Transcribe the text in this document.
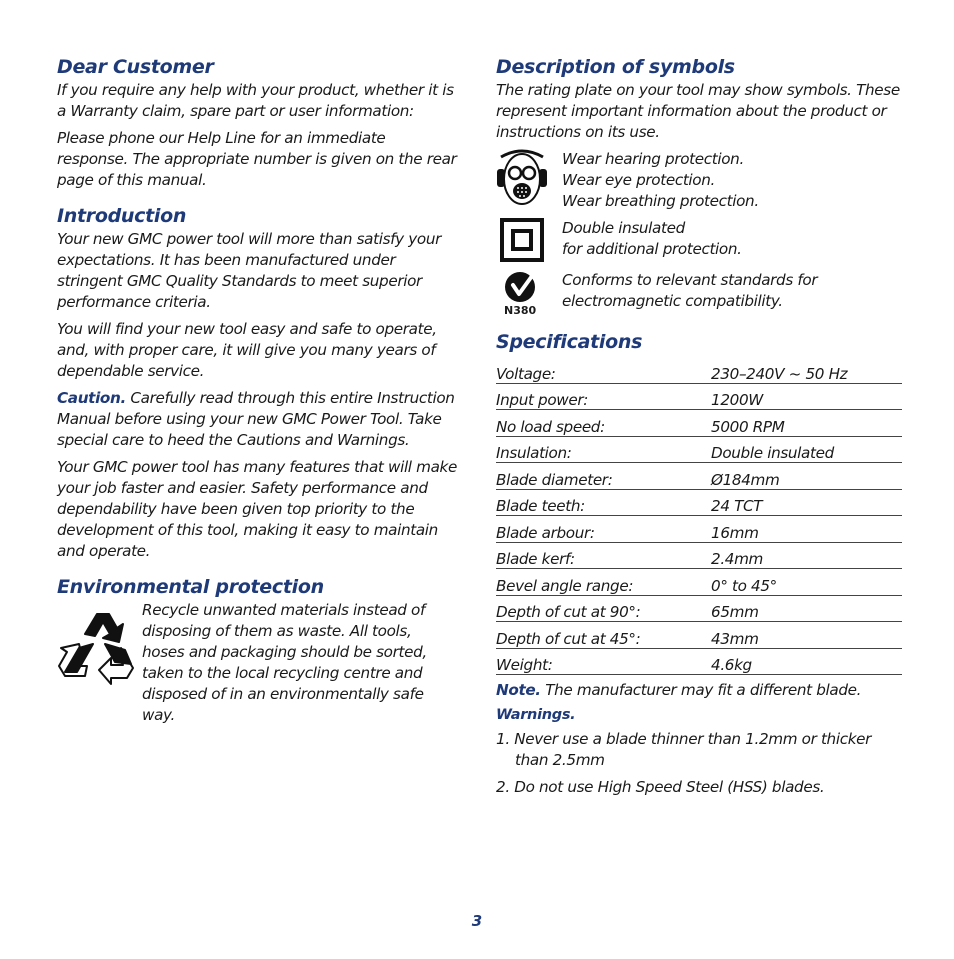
Dear Customer

If you require any help with your product, whether it is a Warranty claim, spare part or user information:

Please phone our Help Line for an immediate response. The appropriate number is given on the rear page of this manual.

Introduction

Your new GMC power tool will more than satisfy your expectations. It has been manufactured under stringent GMC Quality Standards to meet superior performance criteria.

You will find your new tool easy and safe to operate, and, with proper care, it will give you many years of dependable service.

Caution. Carefully read through this entire Instruction Manual before using your new GMC Power Tool. Take special care to heed the Cautions and Warnings.

Your GMC power tool has many features that will make your job faster and easier. Safety performance and dependability have been given top priority to the development of this tool, making it easy to maintain and operate.

Environmental protection

Recycle unwanted materials instead of disposing of them as waste. All tools, hoses and packaging should be sorted, taken to the local recycling centre and disposed of in an environmentally safe way.

Description of symbols

The rating plate on your tool may show symbols. These represent important information about the product or instructions on its use.

Wear hearing protection.

Wear eye protection.

Wear breathing protection.

Double insulated

for additional protection.

N380

Conforms to relevant standards for

electromagnetic compatibility.

Specifications
Voltage:	230–240V ~ 50 Hz
Input power:	1200W
No load speed:	5000 RPM
Insulation:	Double insulated
Blade diameter:	Ø184mm
Blade teeth:	24 TCT
Blade arbour:	16mm
Blade kerf:	2.4mm
Bevel angle range:	0° to 45°
Depth of cut at 90°:	65mm
Depth of cut at 45°:	43mm
Weight:	4.6kg

Note. The manufacturer may fit a different blade.

Warnings.
1. Never use a blade thinner than 1.2mm or thicker than 2.5mm
2. Do not use High Speed Steel (HSS) blades.
3
